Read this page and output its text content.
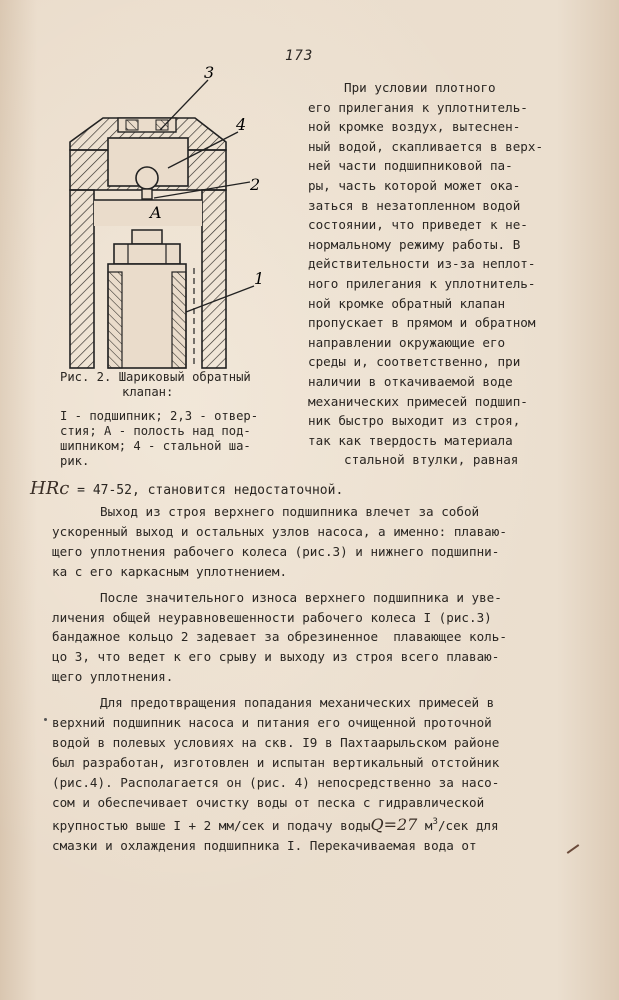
173
3
4
2
A
1
Рис. 2. Шариковый обратный
клапан:
I - подшипник; 2,3 - отвер-
стия; А - полость над под-
шипником; 4 - стальной ша-
рик.
При условии плотного
его прилегания к уплотнитель-
ной кромке воздух, вытеснен-
ный водой, скапливается в верх-
ней части подшипниковой па-
ры, часть которой может ока-
заться в незатопленном водой
состоянии, что приведет к не-
нормальному режиму работы. В
действительности из-за неплот-
ного прилегания к уплотнитель-
ной кромке обратный клапан
пропускает в прямом и обратном
направлении окружающие его
среды и, соответственно, при
наличии в откачиваемой воде
механических примесей подшип-
ник быстро выходит из строя,
так как твердость материала
стальной втулки, равная
HRc = 47-52, становится недостаточной.
Выход из строя верхнего подшипника влечет за собой
ускоренный выход и остальных узлов насоса, а именно: плаваю-
щего уплотнения рабочего колеса (рис.3) и нижнего подшипни-
ка с его каркасным уплотнением.
После значительного износа верхнего подшипника и уве-
личения общей неуравновешенности рабочего колеса I (рис.3)
бандажное кольцо 2 задевает за обрезиненное  плавающее коль-
цо 3, что ведет к его срыву и выходу из строя всего плаваю-
щего уплотнения.
Для предотвращения попадания механических примесей в
верхний подшипник насоса и питания его очищенной проточной
водой в полевых условиях на скв. I9 в Пахтаарыльском районе
был разработан, изготовлен и испытан вертикальный отстойник
(рис.4). Располагается он (рис. 4) непосредственно за насо-
сом и обеспечивает очистку воды от песка с гидравлической
крупностью выше I + 2 мм/сек и подачу водыQ=27 $м^3$/сек для
смазки и охлаждения подшипника I. Перекачиваемая вода от
